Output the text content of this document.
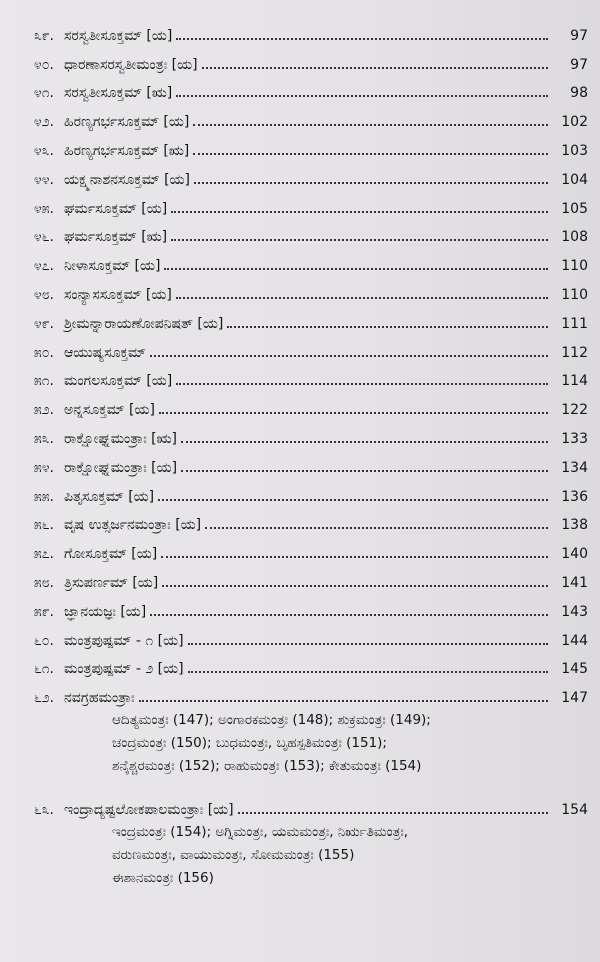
೩೯. ಸರಸ್ವತೀಸೂಕ್ತಮ್ [ಯ]	97
೪೦. ಧಾರಣಾಸರಸ್ವತೀಮಂತ್ರಃ [ಯ]	97
೪೧. ಸರಸ್ವತೀಸೂಕ್ತಮ್ [ಋ]	98
೪೨. ಹಿರಣ್ಯಗರ್ಭಸೂಕ್ತಮ್ [ಯ]	102
೪೩. ಹಿರಣ್ಯಗರ್ಭಸೂಕ್ತಮ್ [ಋ]	103
೪೪. ಯಕ್ಷ್ಮನಾಶನಸೂಕ್ತಮ್ [ಯ]	104
೪೫. ಘರ್ಮಸೂಕ್ತಮ್ [ಯ]	105
೪೬. ಘರ್ಮಸೂಕ್ತಮ್ [ಋ]	108
೪೭. ನೀಳಾಸೂಕ್ತಮ್ [ಯ]	110
೪೮. ಸಂನ್ಯಾಸಸೂಕ್ತಮ್ [ಯ]	110
೪೯. ಶ್ರೀಮನ್ನಾರಾಯಣೋಪನಿಷತ್ [ಯ]	111
೫೦. ಆಯುಷ್ಯಸೂಕ್ತಮ್	112
೫೧. ಮಂಗಲಸೂಕ್ತಮ್ [ಯ]	114
೫೨. ಅನ್ನಸೂಕ್ತಮ್ [ಯ]	122
೫೩. ರಾಕ್ಷೋಘ್ನಮಂತ್ರಾಃ [ಋ]	133
೫೪. ರಾಕ್ಷೋಘ್ನಮಂತ್ರಾಃ [ಯ]	134
೫೫. ಪಿತೃಸೂಕ್ತಮ್ [ಯ]	136
೫೬. ವೃಷ ಉತ್ಸರ್ಜನಮಂತ್ರಾಃ [ಯ]	138
೫೭. ಗೋಸೂಕ್ತಮ್ [ಯ]	140
೫೮. ತ್ರಿಸುಪರ್ಣಮ್ [ಯ]	141
೫೯. ಜ್ಞಾನಯಜ್ಞಃ [ಯ]	143
೬೦. ಮಂತ್ರಪುಷ್ಪಮ್ - ೧ [ಯ]	144
೬೧. ಮಂತ್ರಪುಷ್ಪಮ್ - ೨ [ಯ]	145
೬೨. ನವಗ್ರಹಮಂತ್ರಾಃ	147
ಆದಿತ್ಯಮಂತ್ರಃ (147); ಅಂಗಾರಕಮಂತ್ರಃ (148); ಶುಕ್ರಮಂತ್ರಃ (149);
ಚಂದ್ರಮಂತ್ರಃ (150); ಬುಧಮಂತ್ರಃ, ಬೃಹಸ್ಪತಿಮಂತ್ರಃ (151);
ಶನೈಶ್ಚರಮಂತ್ರಃ (152); ರಾಹುಮಂತ್ರಃ (153); ಕೇತುಮಂತ್ರಃ (154)
೬೩. ಇಂದ್ರಾದ್ಯಷ್ಟಲೋಕಪಾಲಮಂತ್ರಾಃ [ಯ]	154
ಇಂದ್ರಮಂತ್ರಃ (154); ಅಗ್ನಿಮಂತ್ರಃ, ಯಮಮಂತ್ರಃ, ನಿರ್ಋತಿಮಂತ್ರಃ,
ವರುಣಮಂತ್ರಃ, ವಾಯುಮಂತ್ರಃ, ಸೋಮಮಂತ್ರಃ (155)
ಈಶಾನಮಂತ್ರಃ (156)
